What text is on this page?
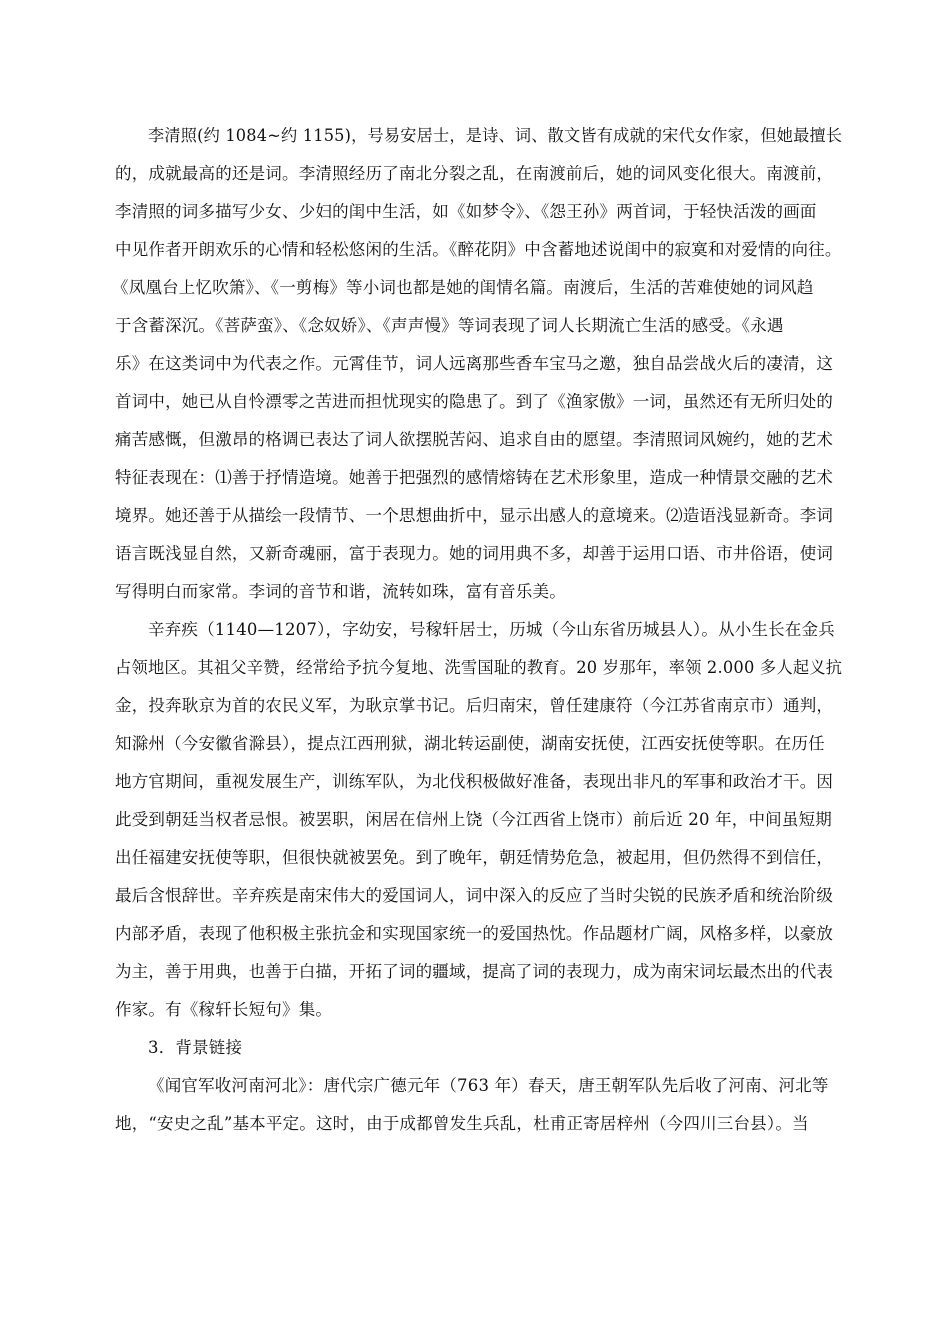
李清照(约 1084~约 1155)，号易安居士，是诗、词、散文皆有成就的宋代女作家，但她最擅长
的，成就最高的还是词。李清照经历了南北分裂之乱，在南渡前后，她的词风变化很大。南渡前，
李清照的词多描写少女、少妇的闺中生活，如《如梦令》、《怨王孙》两首词，于轻快活泼的画面
中见作者开朗欢乐的心情和轻松悠闲的生活。《醉花阴》中含蓄地述说闺中的寂寞和对爱情的向往。
《凤凰台上忆吹箫》、《一剪梅》等小词也都是她的闺情名篇。南渡后，生活的苦难使她的词风趋
于含蓄深沉。《菩萨蛮》、《念奴娇》、《声声慢》等词表现了词人长期流亡生活的感受。《永遇
乐》在这类词中为代表之作。元霄佳节，词人远离那些香车宝马之邀，独自品尝战火后的凄清，这
首词中，她已从自怜漂零之苦进而担忧现实的隐患了。到了《渔家傲》一词，虽然还有无所归处的
痛苦感慨，但激昂的格调已表达了词人欲摆脱苦闷、追求自由的愿望。李清照词风婉约，她的艺术
特征表现在：⑴善于抒情造境。她善于把强烈的感情熔铸在艺术形象里，造成一种情景交融的艺术
境界。她还善于从描绘一段情节、一个思想曲折中，显示出感人的意境来。⑵造语浅显新奇。李词
语言既浅显自然，又新奇魂丽，富于表现力。她的词用典不多，却善于运用口语、市井俗语，使词
写得明白而家常。李词的音节和谐，流转如珠，富有音乐美。
辛弃疾（1140—1207），字幼安，号稼轩居士，历城（今山东省历城县人）。从小生长在金兵
占领地区。其祖父辛赞，经常给予抗今复地、洗雪国耻的教育。20 岁那年，率领 2.000 多人起义抗
金，投奔耿京为首的农民义军，为耿京掌书记。后归南宋，曾任建康符（今江苏省南京市）通判，
知滁州（今安徽省滁县），提点江西刑狱，湖北转运副使，湖南安抚使，江西安抚使等职。在历任
地方官期间，重视发展生产，训练军队，为北伐积极做好准备，表现出非凡的军事和政治才干。因
此受到朝廷当权者忌恨。被罢职，闲居在信州上饶（今江西省上饶市）前后近 20 年，中间虽短期
出任福建安抚使等职，但很快就被罢免。到了晚年，朝廷情势危急，被起用，但仍然得不到信任，
最后含恨辞世。辛弃疾是南宋伟大的爱国词人，词中深入的反应了当时尖锐的民族矛盾和统治阶级
内部矛盾，表现了他积极主张抗金和实现国家统一的爱国热忱。作品题材广阔，风格多样，以豪放
为主，善于用典，也善于白描，开拓了词的疆域，提高了词的表现力，成为南宋词坛最杰出的代表
作家。有《稼轩长短句》集。
3．背景链接
《闻官军收河南河北》：唐代宗广德元年（763 年）春天，唐王朝军队先后收了河南、河北等
地，“安史之乱”基本平定。这时，由于成都曾发生兵乱，杜甫正寄居梓州（今四川三台县）。当
